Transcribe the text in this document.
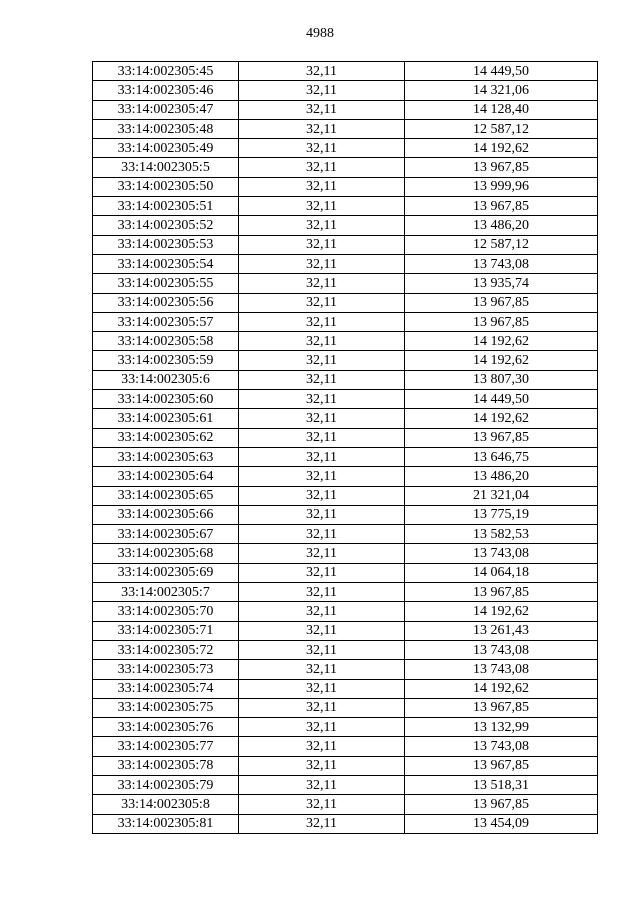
4988
33:14:002305:45	32,11	14 449,50
33:14:002305:46	32,11	14 321,06
33:14:002305:47	32,11	14 128,40
33:14:002305:48	32,11	12 587,12
33:14:002305:49	32,11	14 192,62
33:14:002305:5	32,11	13 967,85
33:14:002305:50	32,11	13 999,96
33:14:002305:51	32,11	13 967,85
33:14:002305:52	32,11	13 486,20
33:14:002305:53	32,11	12 587,12
33:14:002305:54	32,11	13 743,08
33:14:002305:55	32,11	13 935,74
33:14:002305:56	32,11	13 967,85
33:14:002305:57	32,11	13 967,85
33:14:002305:58	32,11	14 192,62
33:14:002305:59	32,11	14 192,62
33:14:002305:6	32,11	13 807,30
33:14:002305:60	32,11	14 449,50
33:14:002305:61	32,11	14 192,62
33:14:002305:62	32,11	13 967,85
33:14:002305:63	32,11	13 646,75
33:14:002305:64	32,11	13 486,20
33:14:002305:65	32,11	21 321,04
33:14:002305:66	32,11	13 775,19
33:14:002305:67	32,11	13 582,53
33:14:002305:68	32,11	13 743,08
33:14:002305:69	32,11	14 064,18
33:14:002305:7	32,11	13 967,85
33:14:002305:70	32,11	14 192,62
33:14:002305:71	32,11	13 261,43
33:14:002305:72	32,11	13 743,08
33:14:002305:73	32,11	13 743,08
33:14:002305:74	32,11	14 192,62
33:14:002305:75	32,11	13 967,85
33:14:002305:76	32,11	13 132,99
33:14:002305:77	32,11	13 743,08
33:14:002305:78	32,11	13 967,85
33:14:002305:79	32,11	13 518,31
33:14:002305:8	32,11	13 967,85
33:14:002305:81	32,11	13 454,09
